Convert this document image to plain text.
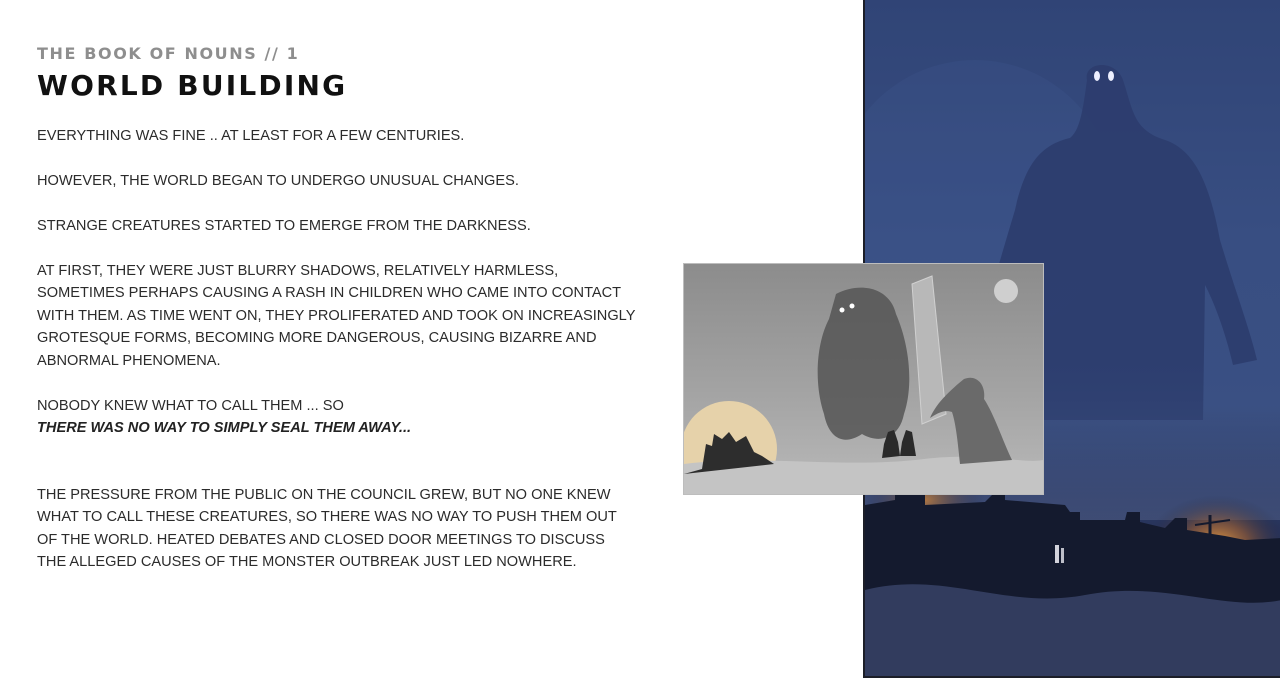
THE BOOK OF NOUNS // 1
WORLD BUILDING

EVERYTHING WAS FINE .. AT LEAST FOR A FEW CENTURIES.

HOWEVER, THE WORLD BEGAN TO UNDERGO UNUSUAL CHANGES.

STRANGE CREATURES STARTED TO EMERGE FROM THE DARKNESS.

AT FIRST, THEY WERE JUST BLURRY SHADOWS, RELATIVELY HARMLESS, SOMETIMES PERHAPS CAUSING A RASH IN CHILDREN WHO CAME INTO CONTACT WITH THEM. AS TIME WENT ON, THEY PROLIFERATED AND TOOK ON INCREASINGLY GROTESQUE FORMS, BECOMING MORE DANGEROUS, CAUSING BIZARRE AND ABNORMAL PHENOMENA.

NOBODY KNEW WHAT TO CALL THEM ... SO

THERE WAS NO WAY TO SIMPLY SEAL THEM AWAY...

THE PRESSURE FROM THE PUBLIC ON THE COUNCIL GREW, BUT NO ONE KNEW WHAT TO CALL THESE CREATURES, SO THERE WAS NO WAY TO PUSH THEM OUT OF THE WORLD. HEATED DEBATES AND CLOSED DOOR MEETINGS TO DISCUSS THE ALLEGED CAUSES OF THE MONSTER OUTBREAK JUST LED NOWHERE.
